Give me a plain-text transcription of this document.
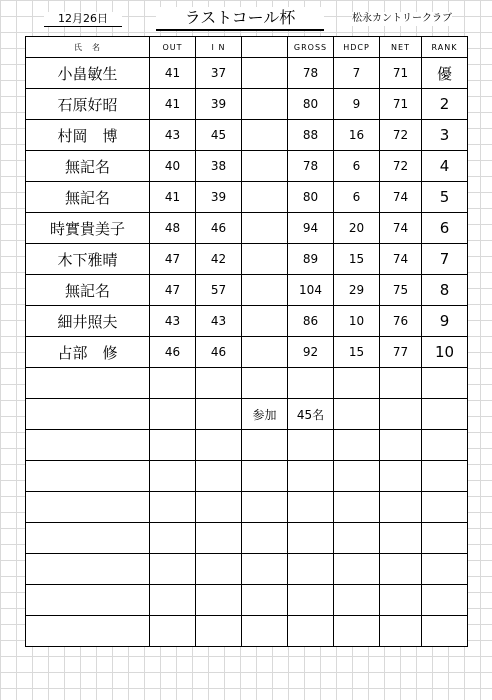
12月26日	ラストコール杯	松永カントリークラブ
氏　名	OUT	I N		GROSS	HDCP	NET	RANK
小畠敏生	41	37		78	7	71	優
石原好昭	41	39		80	9	71	2
村岡　博	43	45		88	16	72	3
無記名	40	38		78	6	72	4
無記名	41	39		80	6	74	5
時實貴美子	48	46		94	20	74	6
木下雅晴	47	42		89	15	74	7
無記名	47	57		104	29	75	8
細井照夫	43	43		86	10	76	9
占部　修	46	46		92	15	77	10

			参加	45名			
